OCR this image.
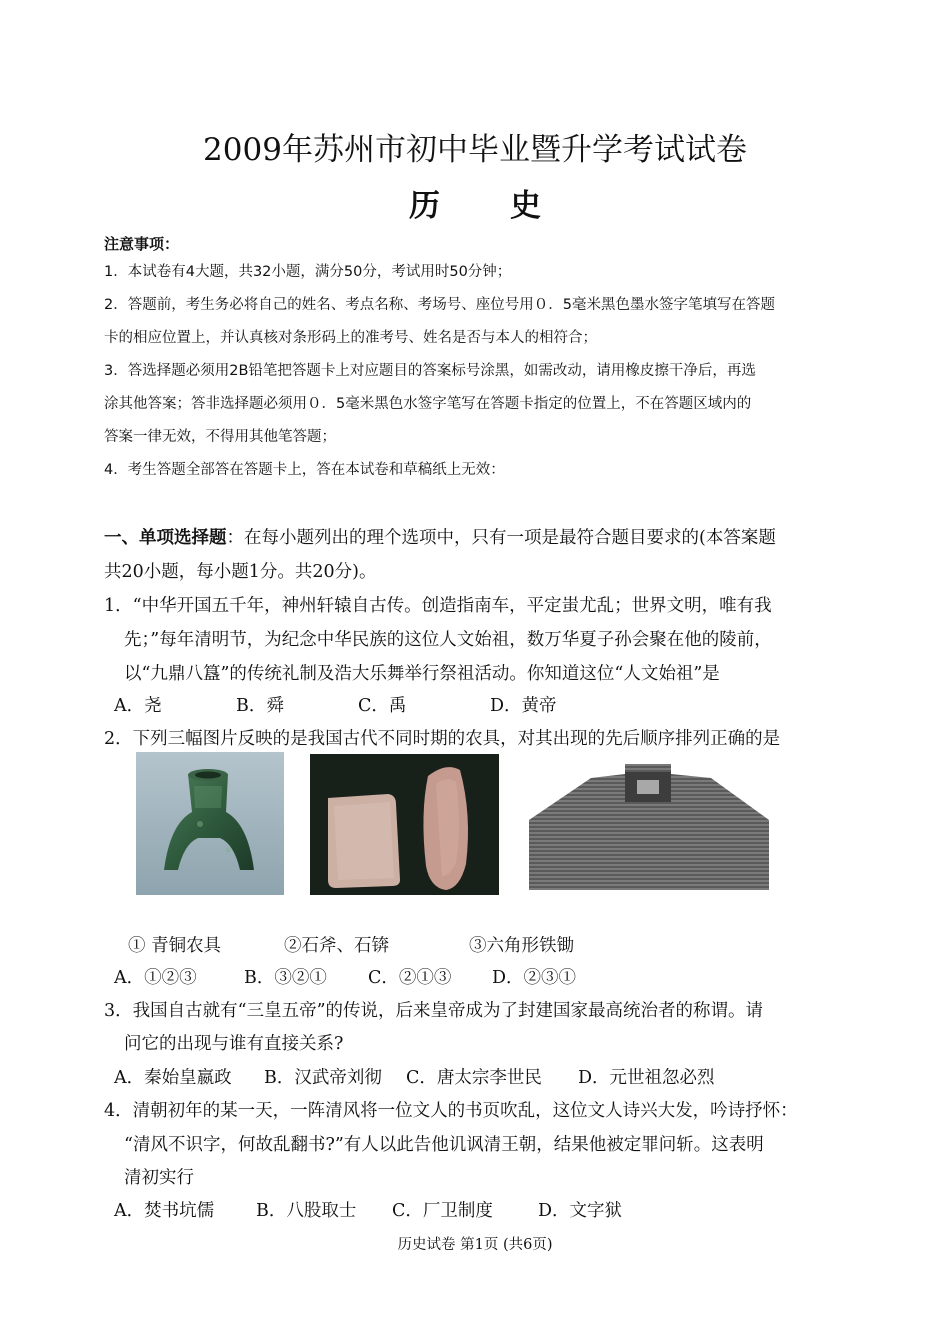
2009年苏州市初中毕业暨升学考试试卷
历史
注意事项：
1．本试卷有4大题，共32小题，满分50分，考试用时50分钟；
2．答题前，考生务必将自己的姓名、考点名称、考场号、座位号用０．5毫米黑色墨水签字笔填写在答题
卡的相应位置上，并认真核对条形码上的准考号、姓名是否与本人的相符合；
3．答选择题必须用2B铅笔把答题卡上对应题目的答案标号涂黑，如需改动，请用橡皮擦干净后，再选
涂其他答案；答非选择题必须用０．5毫米黑色水签字笔写在答题卡指定的位置上，不在答题区域内的
答案一律无效，不得用其他笔答题；
4．考生答题全部答在答题卡上，答在本试卷和草稿纸上无效：
一、单项选择题：在每小题列出的理个选项中，只有一项是最符合题目要求的(本答案题
共20小题，每小题1分。共20分)。
1．“中华开国五千年，神州轩辕自古传。创造指南车，平定蚩尤乱；世界文明，唯有我
先；”每年清明节，为纪念中华民族的这位人文始祖，数万华夏子孙会聚在他的陵前，
以“九鼎八簋”的传统礼制及浩大乐舞举行祭祖活动。你知道这位“人文始祖”是
A．尧	B．舜	C．禹	D．黄帝
2．下列三幅图片反映的是我国古代不同时期的农具，对其出现的先后顺序排列正确的是
① 青铜农具	②石斧、石锛	③六角形铁锄
A．①②③	B．③②① C．②①③ D．②③①
3．我国自古就有“三皇五帝”的传说，后来皇帝成为了封建国家最高统治者的称谓。请
问它的出现与谁有直接关系?
A．秦始皇嬴政 B．汉武帝刘彻 C．唐太宗李世民 D．元世祖忽必烈
4．清朝初年的某一天，一阵清风将一位文人的书页吹乱，这位文人诗兴大发，吟诗抒怀：
“清风不识字，何故乱翻书?”有人以此告他讥讽清王朝，结果他被定罪问斩。这表明
清初实行
A．焚书坑儒 B．八股取士 C．厂卫制度	D．文字狱
历史试卷 第1页 (共6页)
